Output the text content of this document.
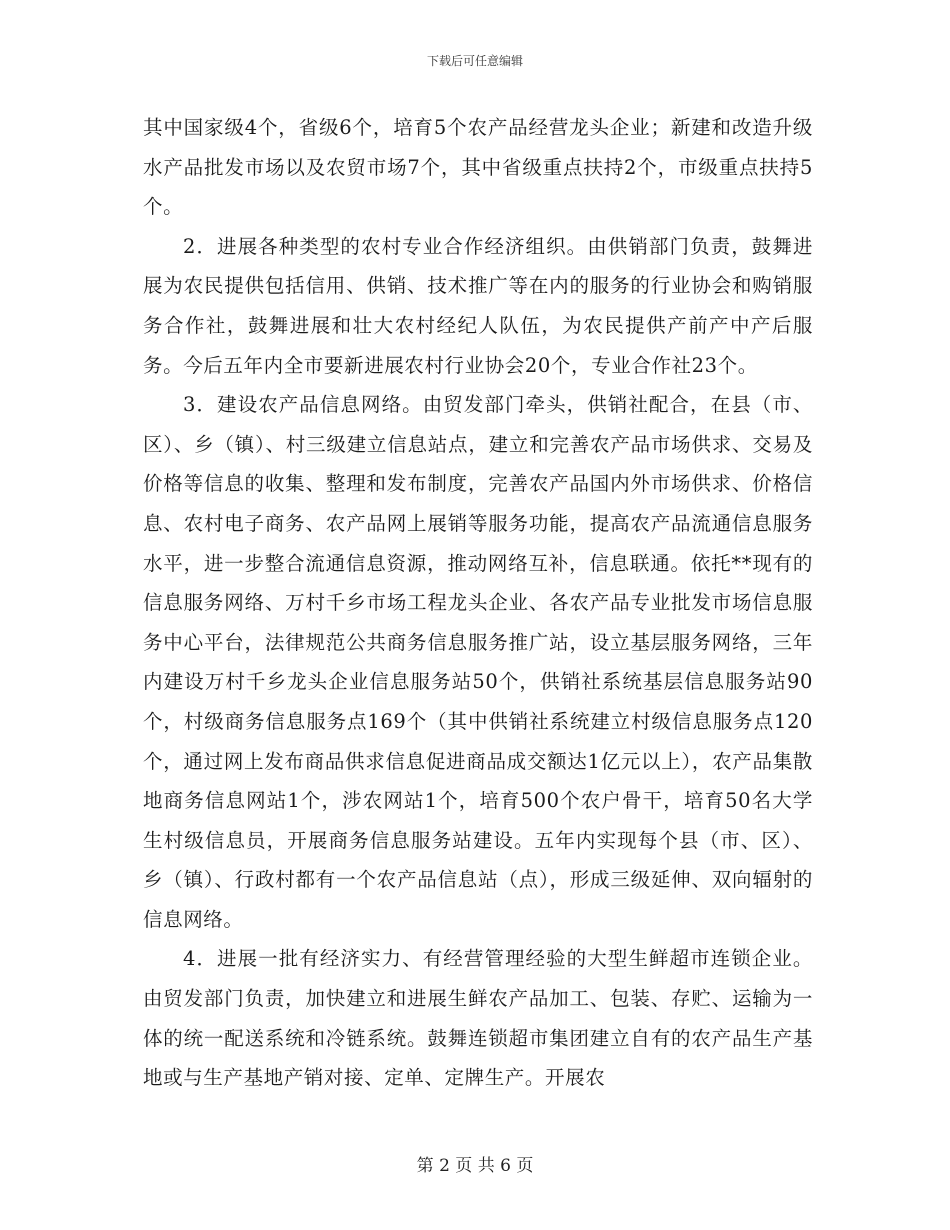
下载后可任意编辑

其中国家级4个，省级6个，培育5个农产品经营龙头企业；新建和改造升级水产品批发市场以及农贸市场7个，其中省级重点扶持2个，市级重点扶持5个。

2．进展各种类型的农村专业合作经济组织。由供销部门负责，鼓舞进展为农民提供包括信用、供销、技术推广等在内的服务的行业协会和购销服务合作社，鼓舞进展和壮大农村经纪人队伍，为农民提供产前产中产后服务。今后五年内全市要新进展农村行业协会20个，专业合作社23个。

3．建设农产品信息网络。由贸发部门牵头，供销社配合，在县（市、区）、乡（镇）、村三级建立信息站点，建立和完善农产品市场供求、交易及价格等信息的收集、整理和发布制度，完善农产品国内外市场供求、价格信息、农村电子商务、农产品网上展销等服务功能，提高农产品流通信息服务水平，进一步整合流通信息资源，推动网络互补，信息联通。依托**现有的信息服务网络、万村千乡市场工程龙头企业、各农产品专业批发市场信息服务中心平台，法律规范公共商务信息服务推广站，设立基层服务网络，三年内建设万村千乡龙头企业信息服务站50个，供销社系统基层信息服务站90个，村级商务信息服务点169个（其中供销社系统建立村级信息服务点120个，通过网上发布商品供求信息促进商品成交额达1亿元以上），农产品集散地商务信息网站1个，涉农网站1个，培育500个农户骨干，培育50名大学生村级信息员，开展商务信息服务站建设。五年内实现每个县（市、区）、乡（镇）、行政村都有一个农产品信息站（点），形成三级延伸、双向辐射的信息网络。

4．进展一批有经济实力、有经营管理经验的大型生鲜超市连锁企业。由贸发部门负责，加快建立和进展生鲜农产品加工、包装、存贮、运输为一体的统一配送系统和冷链系统。鼓舞连锁超市集团建立自有的农产品生产基地或与生产基地产销对接、定单、定牌生产。开展农

第 2 页 共 6 页
